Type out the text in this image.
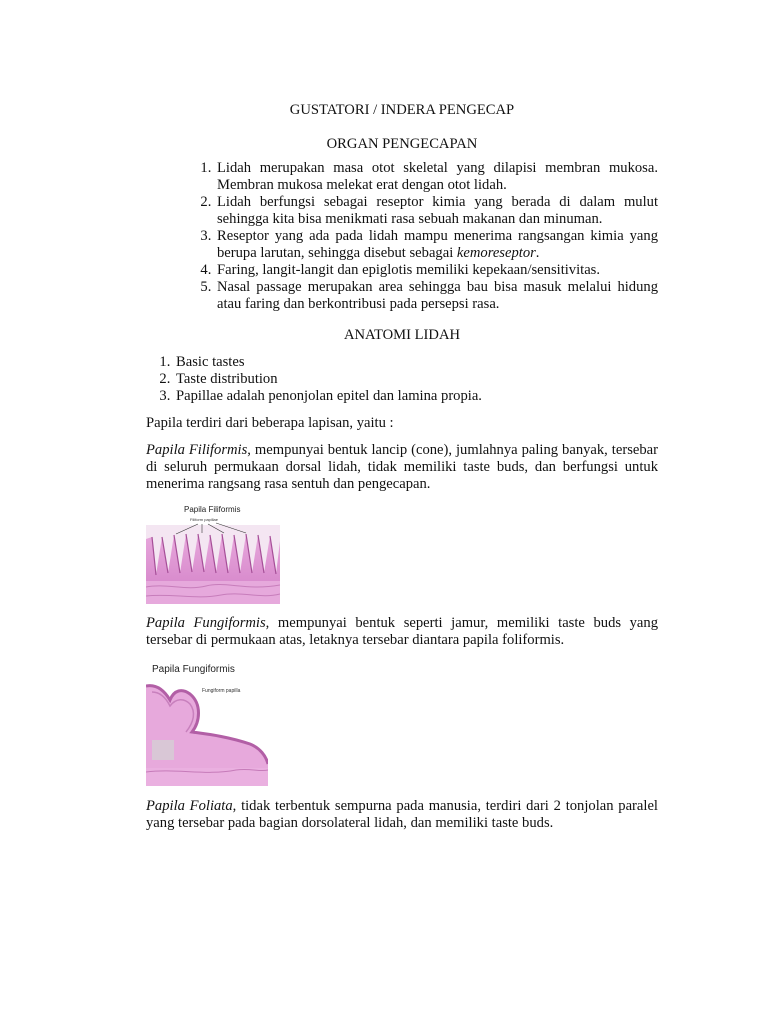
GUSTATORI / INDERA PENGECAP
ORGAN PENGECAPAN
1. Lidah merupakan masa otot skeletal yang dilapisi membran mukosa. Membran mukosa melekat erat dengan otot lidah.
2. Lidah berfungsi sebagai reseptor kimia yang berada di dalam mulut sehingga kita bisa menikmati rasa sebuah makanan dan minuman.
3. Reseptor yang ada pada lidah mampu menerima rangsangan kimia yang berupa larutan, sehingga disebut sebagai kemoreseptor.
4. Faring, langit-langit dan epiglotis memiliki kepekaan/sensitivitas.
5. Nasal passage merupakan area sehingga bau bisa masuk melalui hidung atau faring dan berkontribusi pada persepsi rasa.
ANATOMI LIDAH
1. Basic tastes
2. Taste distribution
3. Papillae adalah penonjolan epitel dan lamina propia.

Papila terdiri dari beberapa lapisan, yaitu :

Papila Filiformis, mempunyai bentuk lancip (cone), jumlahnya paling banyak, tersebar di seluruh permukaan dorsal lidah, tidak memiliki taste buds, dan berfungsi untuk menerima rangsang rasa sentuh dan pengecapan.

Papila Filiformis
Filiform papillae

Papila Fungiformis, mempunyai bentuk seperti jamur, memiliki taste buds yang tersebar di permukaan atas, letaknya tersebar diantara papila foliformis.

Papila Fungiformis
Fungiform papilla

Papila Foliata, tidak terbentuk sempurna pada manusia, terdiri dari 2 tonjolan paralel yang tersebar pada bagian dorsolateral lidah, dan memiliki taste buds.
